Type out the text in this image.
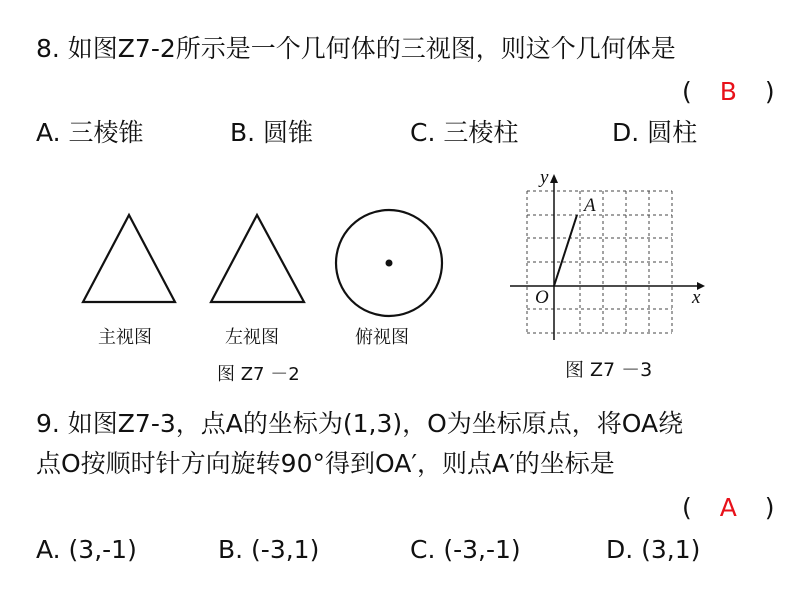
8. 如图Z7-2所示是一个几何体的三视图，则这个几何体是
( B )
A. 三棱锥	B. 圆锥	C. 三棱柱	D. 圆柱
主视图	左视图	俯视图
图 Z7 －2
x
y
O
A
图 Z7 －3
9. 如图Z7-3，点A的坐标为(1,3)，O为坐标原点，将OA绕
点O按顺时针方向旋转90°得到OA′，则点A′的坐标是
( A )
A. (3,-1)	B. (-3,1)	C. (-3,-1)	D. (3,1)
